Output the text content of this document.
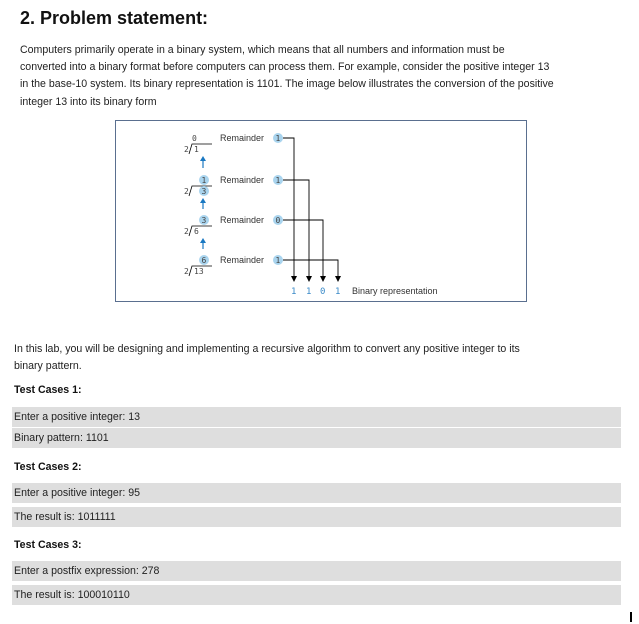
2. Problem statement:
Computers primarily operate in a binary system, which means that all numbers and information must be
converted into a binary format before computers can process them. For example, consider the positive integer 13
in the base-10 system. Its binary representation is 1101. The image below illustrates the conversion of the positive
integer 13 into its binary form
0
2 1
Remainder 1
1
2 3
Remainder 1
3
2 6
Remainder 0
6
2 13
Remainder 1
1 1 0 1 Binary representation
In this lab, you will be designing and implementing a recursive algorithm to convert any positive integer to its
binary pattern.
Test Cases 1:
Enter a positive integer: 13
Binary pattern: 1101
Test Cases 2:
Enter a positive integer: 95
The result is: 1011111
Test Cases 3:
Enter a postfix expression: 278
The result is: 100010110
